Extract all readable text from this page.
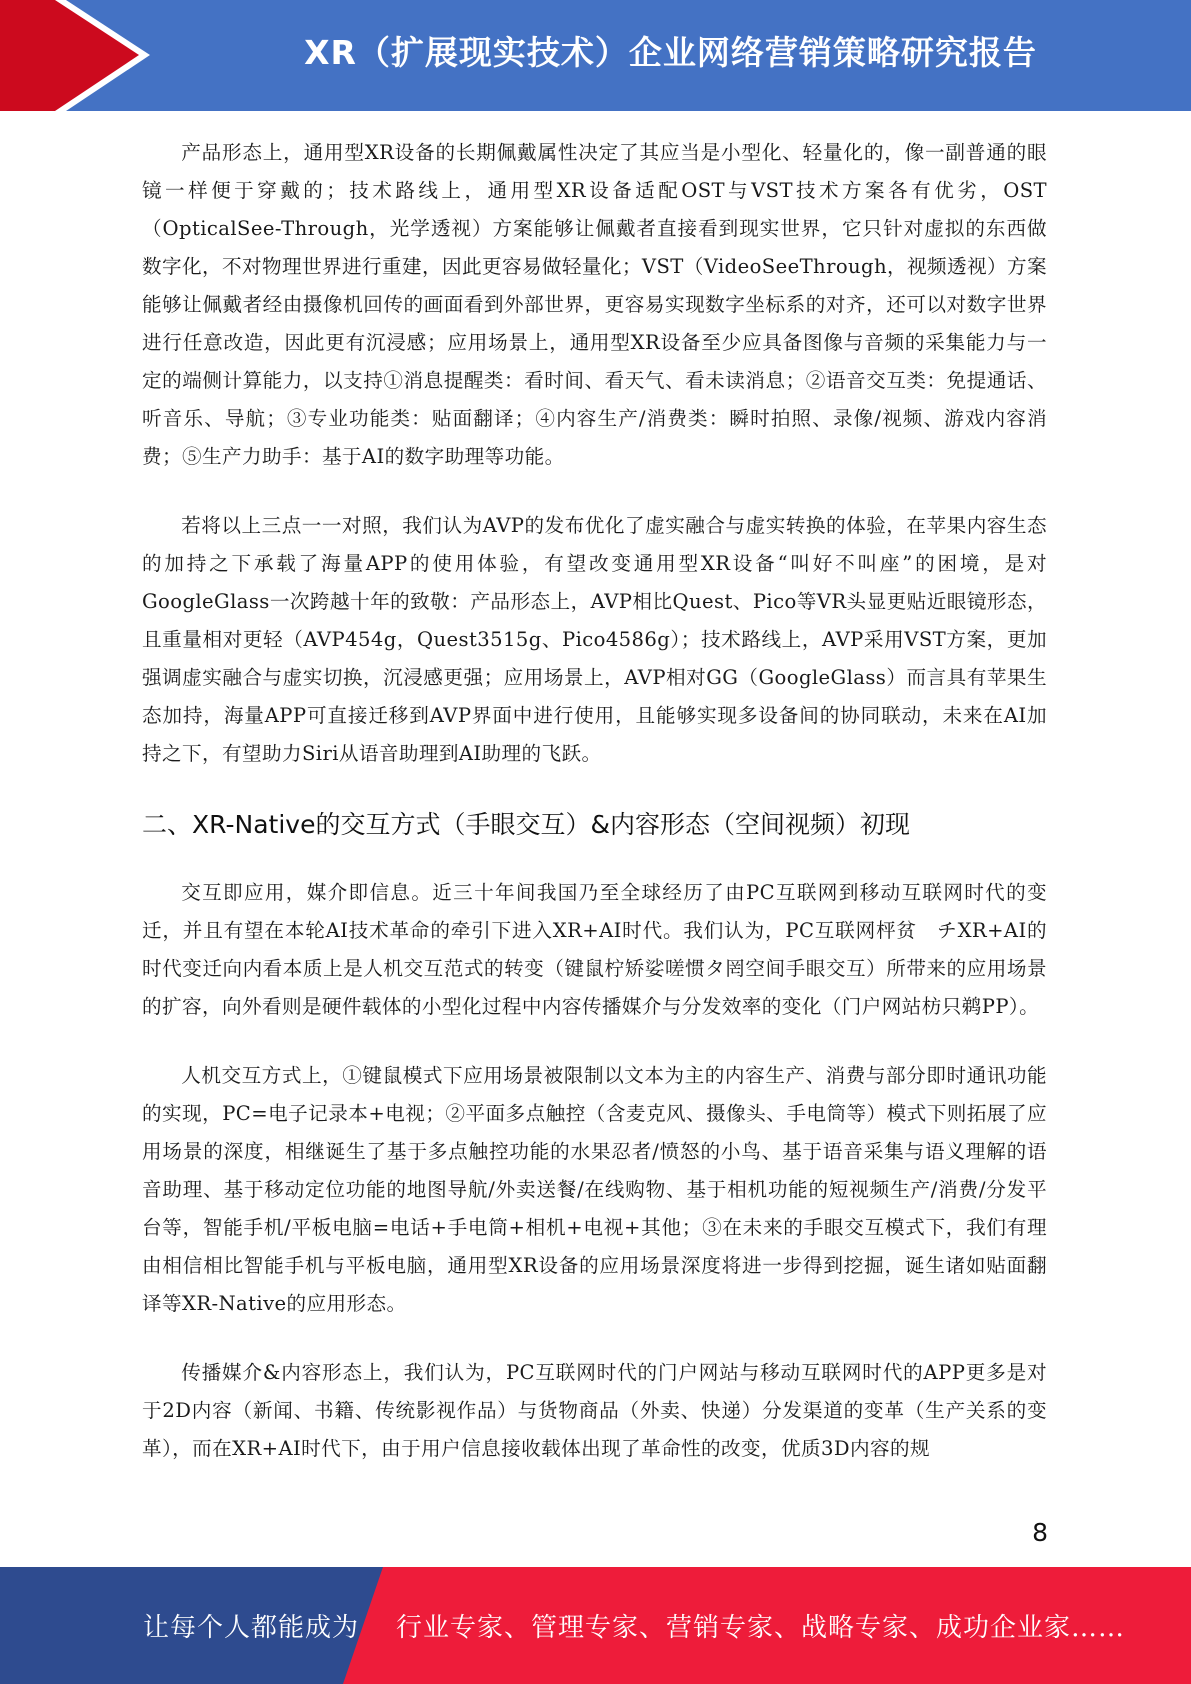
XR（扩展现实技术）企业网络营销策略研究报告

产品形态上，通用型XR设备的长期佩戴属性决定了其应当是小型化、轻量化的，像一副普通的眼镜一样便于穿戴的；技术路线上，通用型XR设备适配OST与VST技术方案各有优劣，OST（OpticalSee-Through，光学透视）方案能够让佩戴者直接看到现实世界，它只针对虚拟的东西做数字化，不对物理世界进行重建，因此更容易做轻量化；VST（VideoSeeThrough，视频透视）方案能够让佩戴者经由摄像机回传的画面看到外部世界，更容易实现数字坐标系的对齐，还可以对数字世界进行任意改造，因此更有沉浸感；应用场景上，通用型XR设备至少应具备图像与音频的采集能力与一定的端侧计算能力，以支持①消息提醒类：看时间、看天气、看未读消息；②语音交互类：免提通话、听音乐、导航；③专业功能类：贴面翻译；④内容生产/消费类：瞬时拍照、录像/视频、游戏内容消费；⑤生产力助手：基于AI的数字助理等功能。

若将以上三点一一对照，我们认为AVP的发布优化了虚实融合与虚实转换的体验，在苹果内容生态的加持之下承载了海量APP的使用体验，有望改变通用型XR设备“叫好不叫座”的困境，是对GoogleGlass一次跨越十年的致敬：产品形态上，AVP相比Quest、Pico等VR头显更贴近眼镜形态，且重量相对更轻（AVP454g，Quest3515g、Pico4586g）；技术路线上，AVP采用VST方案，更加强调虚实融合与虚实切换，沉浸感更强；应用场景上，AVP相对GG（GoogleGlass）而言具有苹果生态加持，海量APP可直接迁移到AVP界面中进行使用，且能够实现多设备间的协同联动，未来在AI加持之下，有望助力Siri从语音助理到AI助理的飞跃。

二、XR-Native的交互方式（手眼交互）&内容形态（空间视频）初现

交互即应用，媒介即信息。近三十年间我国乃至全球经历了由PC互联网到移动互联网时代的变迁，并且有望在本轮AI技术革命的牵引下进入XR+AI时代。我们认为，PC互联网枰贫　チXR+AI的时代变迁向内看本质上是人机交互范式的转变（键鼠柠矫娑嗟惯タ罔空间手眼交互）所带来的应用场景的扩容，向外看则是硬件载体的小型化过程中内容传播媒介与分发效率的变化（门户网站枋只鹈PP）。

人机交互方式上，①键鼠模式下应用场景被限制以文本为主的内容生产、消费与部分即时通讯功能的实现，PC=电子记录本+电视；②平面多点触控（含麦克风、摄像头、手电筒等）模式下则拓展了应用场景的深度，相继诞生了基于多点触控功能的水果忍者/愤怒的小鸟、基于语音采集与语义理解的语音助理、基于移动定位功能的地图导航/外卖送餐/在线购物、基于相机功能的短视频生产/消费/分发平台等，智能手机/平板电脑=电话+手电筒+相机+电视+其他；③在未来的手眼交互模式下，我们有理由相信相比智能手机与平板电脑，通用型XR设备的应用场景深度将进一步得到挖掘，诞生诸如贴面翻译等XR-Native的应用形态。

传播媒介&内容形态上，我们认为，PC互联网时代的门户网站与移动互联网时代的APP更多是对于2D内容（新闻、书籍、传统影视作品）与货物商品（外卖、快递）分发渠道的变革（生产关系的变革），而在XR+AI时代下，由于用户信息接收载体出现了革命性的改变，优质3D内容的规

8
让每个人都能成为 行业专家、管理专家、营销专家、战略专家、成功企业家……
